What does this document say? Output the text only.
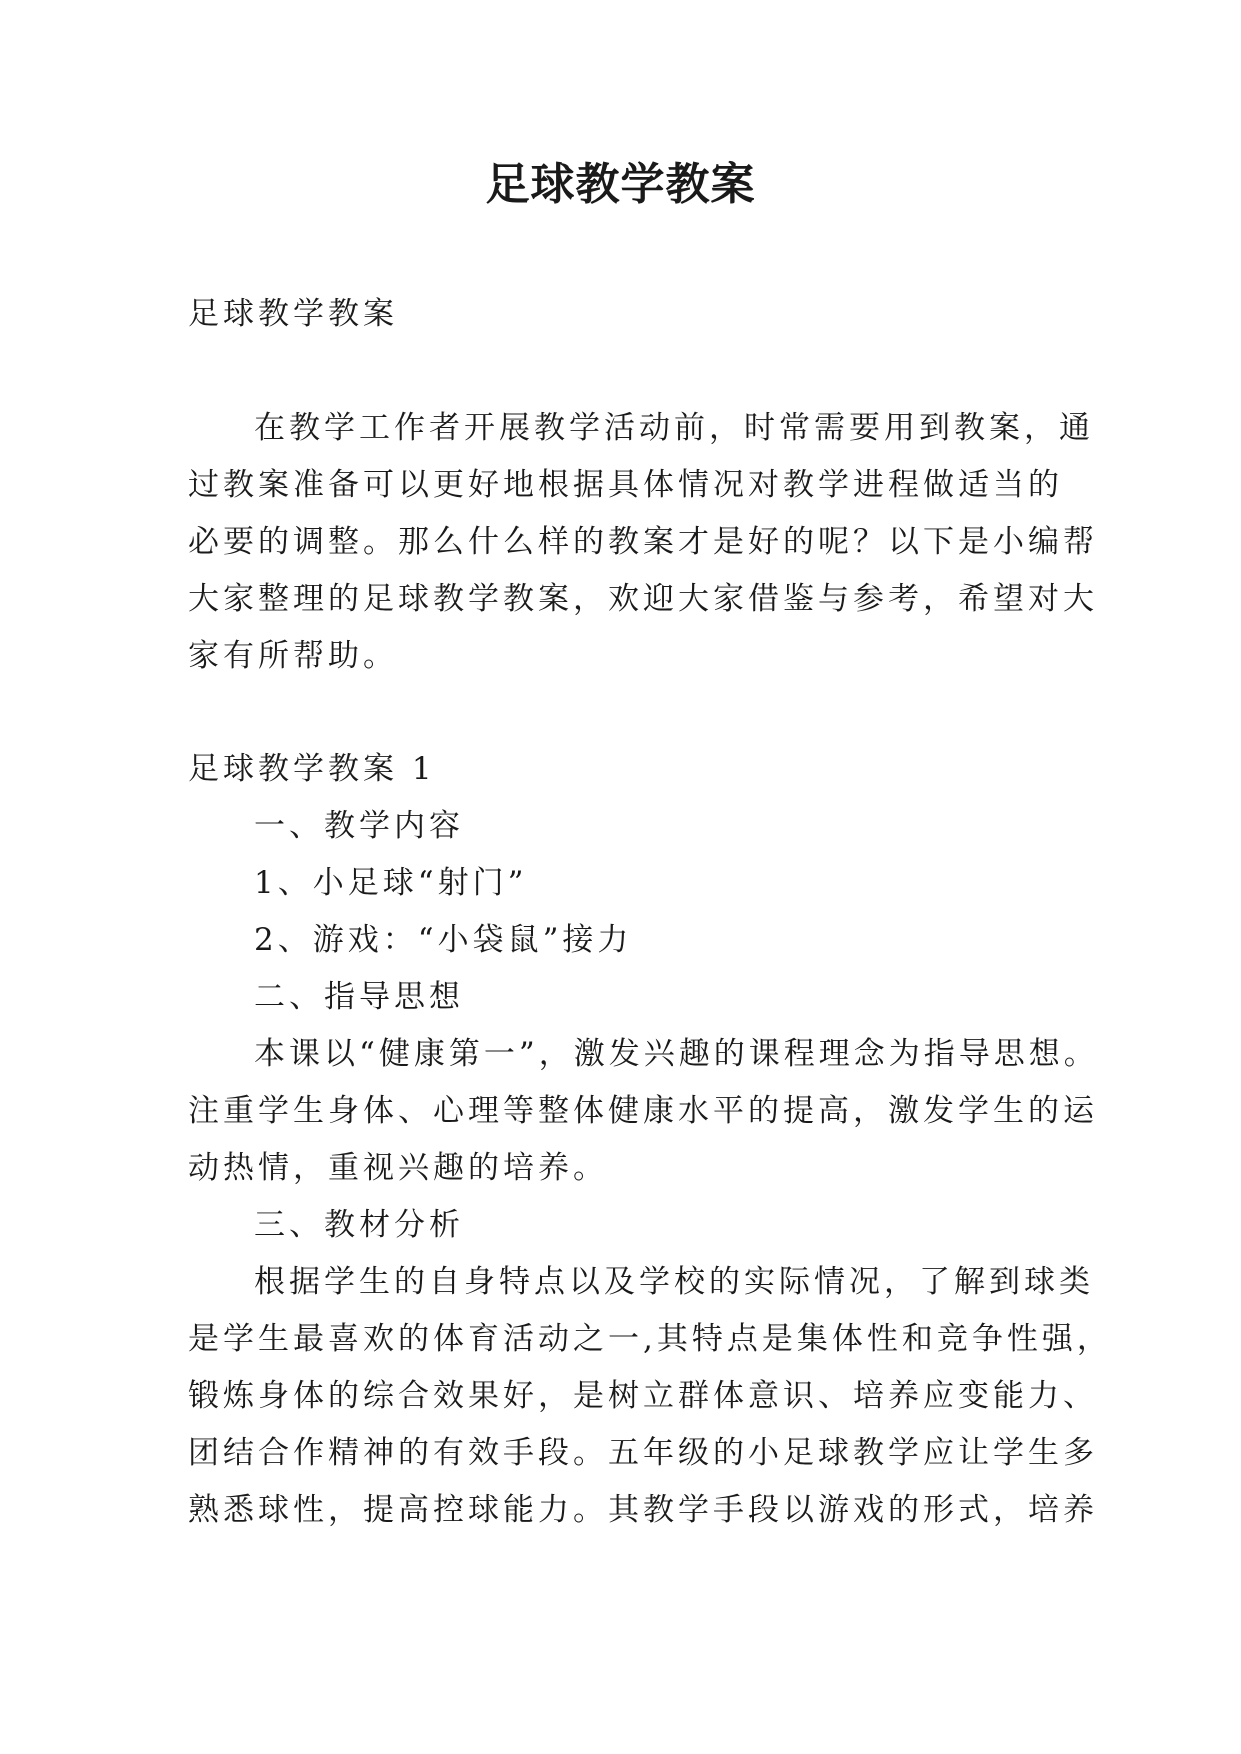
足球教学教案
足球教学教案
在教学工作者开展教学活动前，时常需要用到教案，通
过教案准备可以更好地根据具体情况对教学进程做适当的
必要的调整。那么什么样的教案才是好的呢？以下是小编帮
大家整理的足球教学教案，欢迎大家借鉴与参考，希望对大
家有所帮助。
足球教学教案 1
一、教学内容
1、小足球“射门”
2、游戏：“小袋鼠”接力
二、指导思想
本课以“健康第一”，激发兴趣的课程理念为指导思想。
注重学生身体、心理等整体健康水平的提高，激发学生的运
动热情，重视兴趣的培养。
三、教材分析
根据学生的自身特点以及学校的实际情况，了解到球类
是学生最喜欢的体育活动之一,其特点是集体性和竞争性强，
锻炼身体的综合效果好，是树立群体意识、培养应变能力、
团结合作精神的有效手段。五年级的小足球教学应让学生多
熟悉球性，提高控球能力。其教学手段以游戏的形式，培养
